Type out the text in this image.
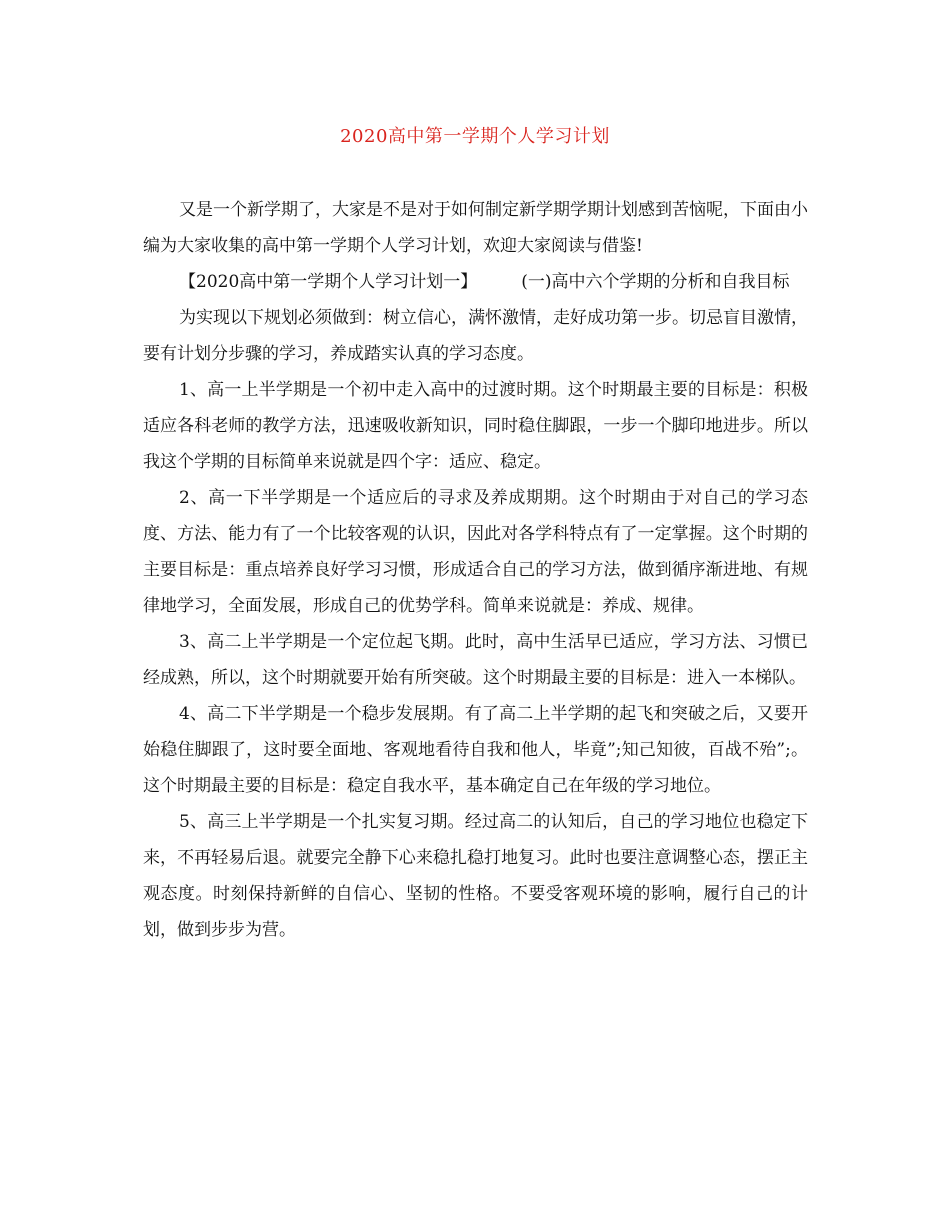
2020高中第一学期个人学习计划

又是一个新学期了，大家是不是对于如何制定新学期学期计划感到苦恼呢，下面由小编为大家收集的高中第一学期个人学习计划，欢迎大家阅读与借鉴!

【2020高中第一学期个人学习计划一】	(一)高中六个学期的分析和自我目标

为实现以下规划必须做到：树立信心，满怀激情，走好成功第一步。切忌盲目激情，要有计划分步骤的学习，养成踏实认真的学习态度。

1、高一上半学期是一个初中走入高中的过渡时期。这个时期最主要的目标是：积极适应各科老师的教学方法，迅速吸收新知识，同时稳住脚跟，一步一个脚印地进步。所以我这个学期的目标简单来说就是四个字：适应、稳定。

2、高一下半学期是一个适应后的寻求及养成期期。这个时期由于对自己的学习态度、方法、能力有了一个比较客观的认识，因此对各学科特点有了一定掌握。这个时期的主要目标是：重点培养良好学习习惯，形成适合自己的学习方法，做到循序渐进地、有规律地学习，全面发展，形成自己的优势学科。简单来说就是：养成、规律。

3、高二上半学期是一个定位起飞期。此时，高中生活早已适应，学习方法、习惯已经成熟，所以，这个时期就要开始有所突破。这个时期最主要的目标是：进入一本梯队。

4、高二下半学期是一个稳步发展期。有了高二上半学期的起飞和突破之后，又要开始稳住脚跟了，这时要全面地、客观地看待自我和他人，毕竟”;知己知彼，百战不殆”;。这个时期最主要的目标是：稳定自我水平，基本确定自己在年级的学习地位。

5、高三上半学期是一个扎实复习期。经过高二的认知后，自己的学习地位也稳定下来，不再轻易后退。就要完全静下心来稳扎稳打地复习。此时也要注意调整心态，摆正主观态度。时刻保持新鲜的自信心、坚韧的性格。不要受客观环境的影响，履行自己的计划，做到步步为营。
